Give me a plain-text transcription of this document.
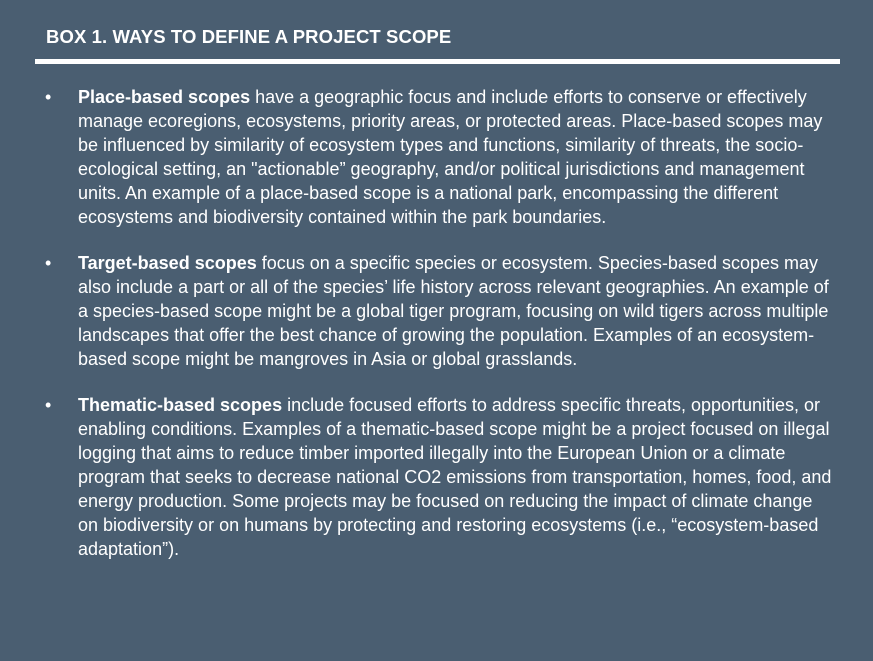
BOX 1. WAYS TO DEFINE A PROJECT SCOPE
• Place-based scopes have a geographic focus and include efforts to conserve or effectively manage ecoregions, ecosystems, priority areas, or protected areas. Place-based scopes may be influenced by similarity of ecosystem types and functions, similarity of threats, the socio-ecological setting, an "actionable” geography, and/or political jurisdictions and management units. An example of a place-based scope is a national park, encompassing the different ecosystems and biodiversity contained within the park boundaries.
• Target-based scopes focus on a specific species or ecosystem. Species-based scopes may also include a part or all of the species’ life history across relevant geographies. An example of a species-based scope might be a global tiger program, focusing on wild tigers across multiple landscapes that offer the best chance of growing the population. Examples of an ecosystem-based scope might be mangroves in Asia or global grasslands.
• Thematic-based scopes include focused efforts to address specific threats, opportunities, or enabling conditions. Examples of a thematic-based scope might be a project focused on illegal logging that aims to reduce timber imported illegally into the European Union or a climate program that seeks to decrease national CO2 emissions from transportation, homes, food, and energy production. Some projects may be focused on reducing the impact of climate change on biodiversity or on humans by protecting and restoring ecosystems (i.e., “ecosystem-based adaptation”).
